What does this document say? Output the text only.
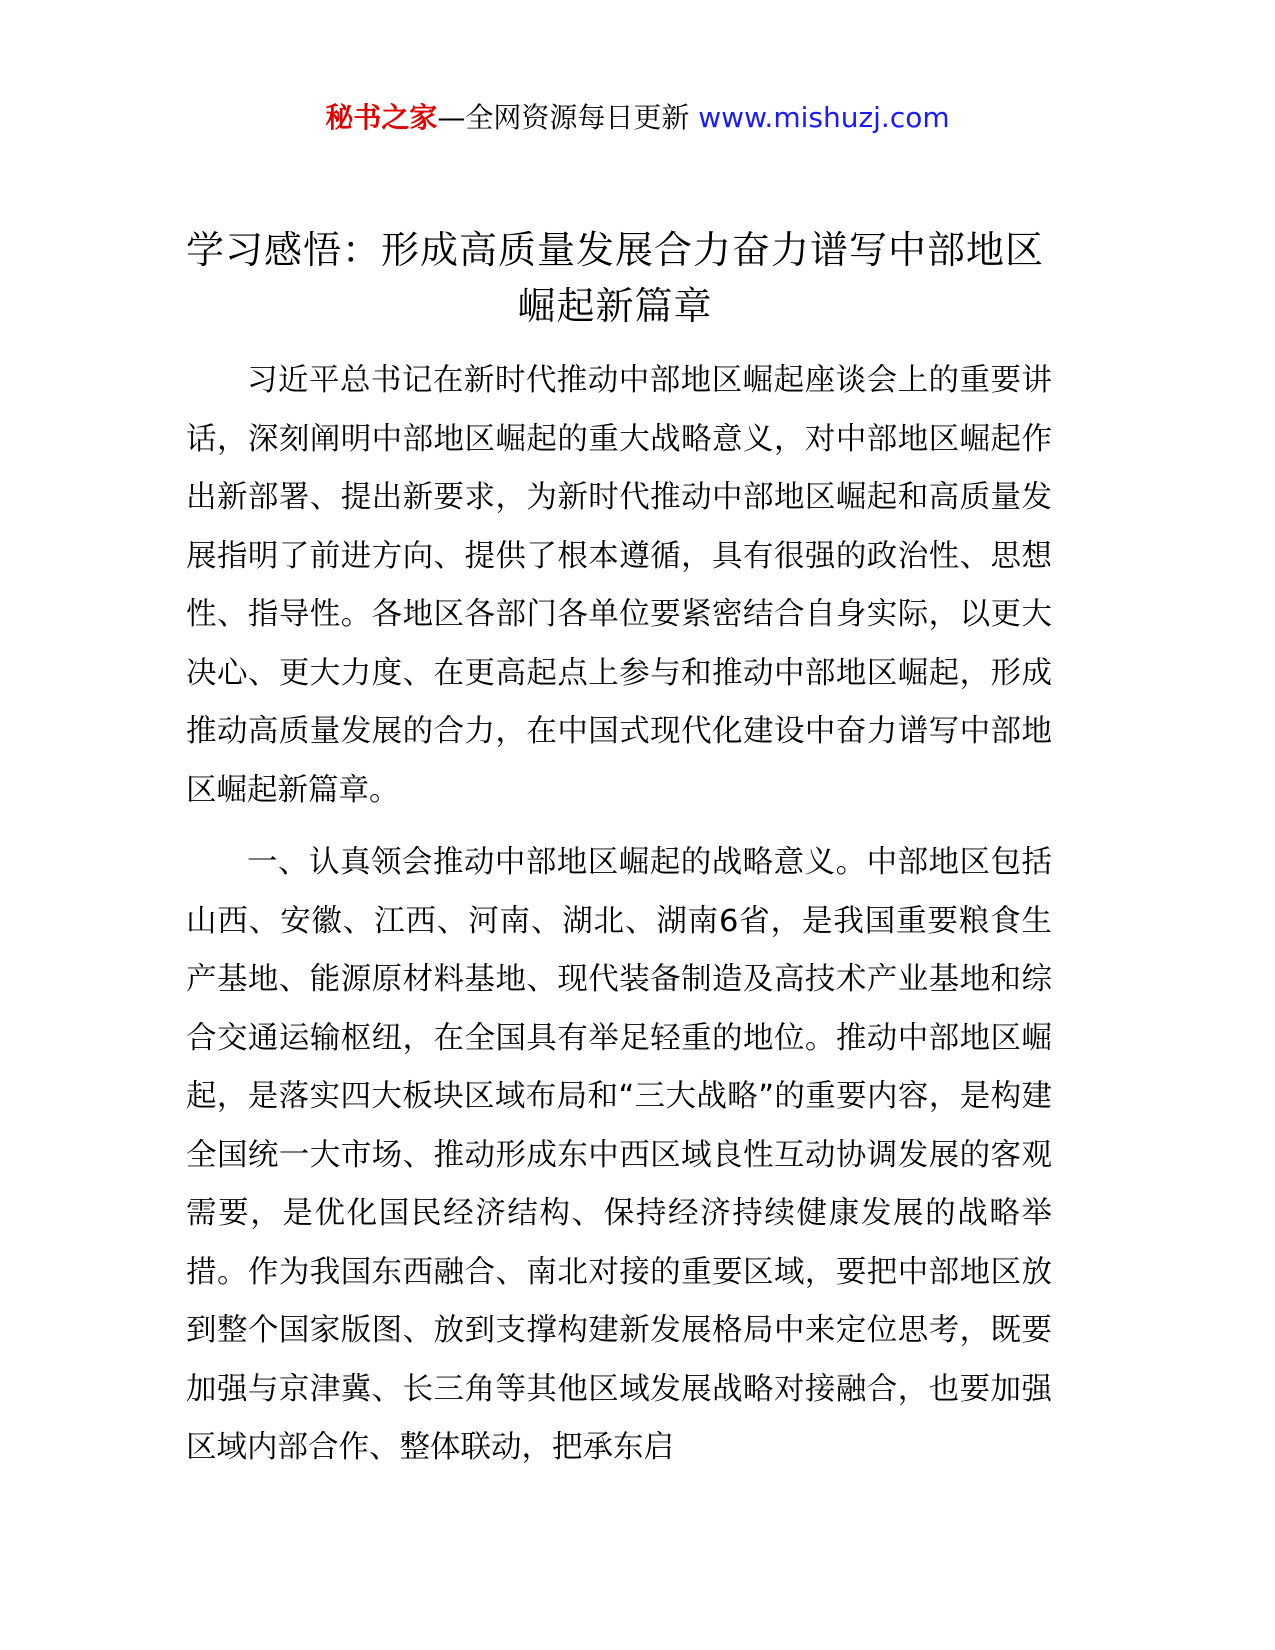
秘书之家—全网资源每日更新 www.mishuzj.com
学习感悟：形成高质量发展合力奋力谱写中部地区崛起新篇章

习近平总书记在新时代推动中部地区崛起座谈会上的重要讲话，深刻阐明中部地区崛起的重大战略意义，对中部地区崛起作出新部署、提出新要求，为新时代推动中部地区崛起和高质量发展指明了前进方向、提供了根本遵循，具有很强的政治性、思想性、指导性。各地区各部门各单位要紧密结合自身实际，以更大决心、更大力度、在更高起点上参与和推动中部地区崛起，形成推动高质量发展的合力，在中国式现代化建设中奋力谱写中部地区崛起新篇章。

一、认真领会推动中部地区崛起的战略意义。中部地区包括山西、安徽、江西、河南、湖北、湖南6省，是我国重要粮食生产基地、能源原材料基地、现代装备制造及高技术产业基地和综合交通运输枢纽，在全国具有举足轻重的地位。推动中部地区崛起，是落实四大板块区域布局和“三大战略”的重要内容，是构建全国统一大市场、推动形成东中西区域良性互动协调发展的客观需要，是优化国民经济结构、保持经济持续健康发展的战略举措。作为我国东西融合、南北对接的重要区域，要把中部地区放到整个国家版图、放到支撑构建新发展格局中来定位思考，既要加强与京津冀、长三角等其他区域发展战略对接融合，也要加强区域内部合作、整体联动，把承东启
